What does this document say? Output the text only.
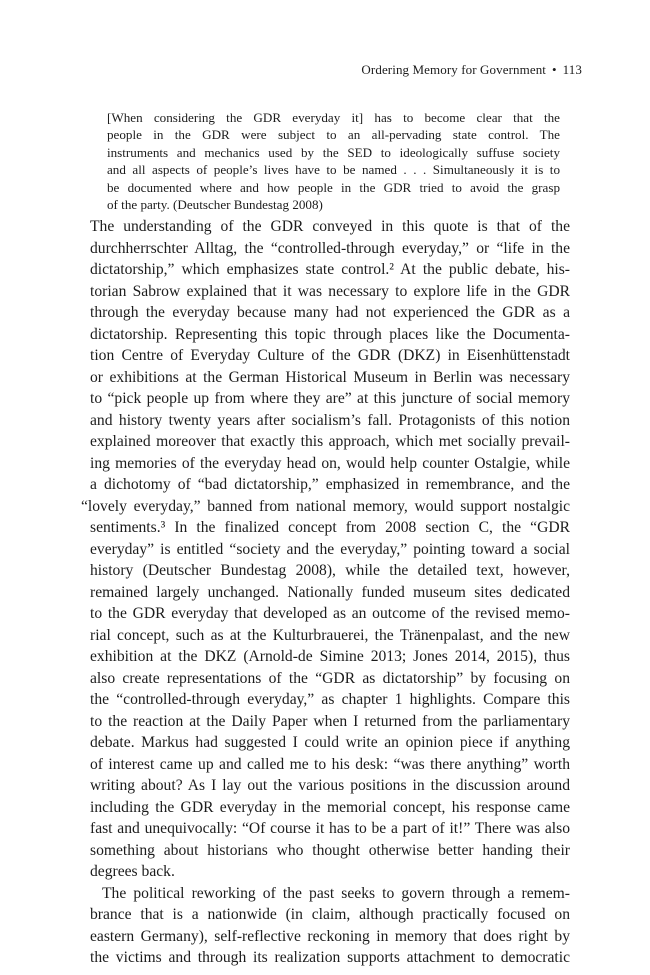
Ordering Memory for Government • 113
[When considering the GDR everyday it] has to become clear that the
people in the GDR were subject to an all-pervading state control. The
instruments and mechanics used by the SED to ideologically suffuse society
and all aspects of people’s lives have to be named . . . Simultaneously it is to
be documented where and how people in the GDR tried to avoid the grasp
of the party. (Deutscher Bundestag 2008)
The understanding of the GDR conveyed in this quote is that of the
durchherrschter Alltag, the “controlled-through everyday,” or “life in the
dictatorship,” which emphasizes state control.² At the public debate, his-
torian Sabrow explained that it was necessary to explore life in the GDR
through the everyday because many had not experienced the GDR as a
dictatorship. Representing this topic through places like the Documenta-
tion Centre of Everyday Culture of the GDR (DKZ) in Eisenhüttenstadt
or exhibitions at the German Historical Museum in Berlin was necessary
to “pick people up from where they are” at this juncture of social memory
and history twenty years after socialism’s fall. Protagonists of this notion
explained moreover that exactly this approach, which met socially prevail-
ing memories of the everyday head on, would help counter Ostalgie, while
a dichotomy of “bad dictatorship,” emphasized in remembrance, and the
“lovely everyday,” banned from national memory, would support nostalgic
sentiments.³ In the finalized concept from 2008 section C, the “GDR
everyday” is entitled “society and the everyday,” pointing toward a social
history (Deutscher Bundestag 2008), while the detailed text, however,
remained largely unchanged. Nationally funded museum sites dedicated
to the GDR everyday that developed as an outcome of the revised memo-
rial concept, such as at the Kulturbrauerei, the Tränenpalast, and the new
exhibition at the DKZ (Arnold-de Simine 2013; Jones 2014, 2015), thus
also create representations of the “GDR as dictatorship” by focusing on
the “controlled-through everyday,” as chapter 1 highlights. Compare this
to the reaction at the Daily Paper when I returned from the parliamentary
debate. Markus had suggested I could write an opinion piece if anything
of interest came up and called me to his desk: “was there anything” worth
writing about? As I lay out the various positions in the discussion around
including the GDR everyday in the memorial concept, his response came
fast and unequivocally: “Of course it has to be a part of it!” There was also
something about historians who thought otherwise better handing their
degrees back.
The political reworking of the past seeks to govern through a remem-
brance that is a nationwide (in claim, although practically focused on
eastern Germany), self-reflective reckoning in memory that does right by
the victims and through its realization supports attachment to democratic
